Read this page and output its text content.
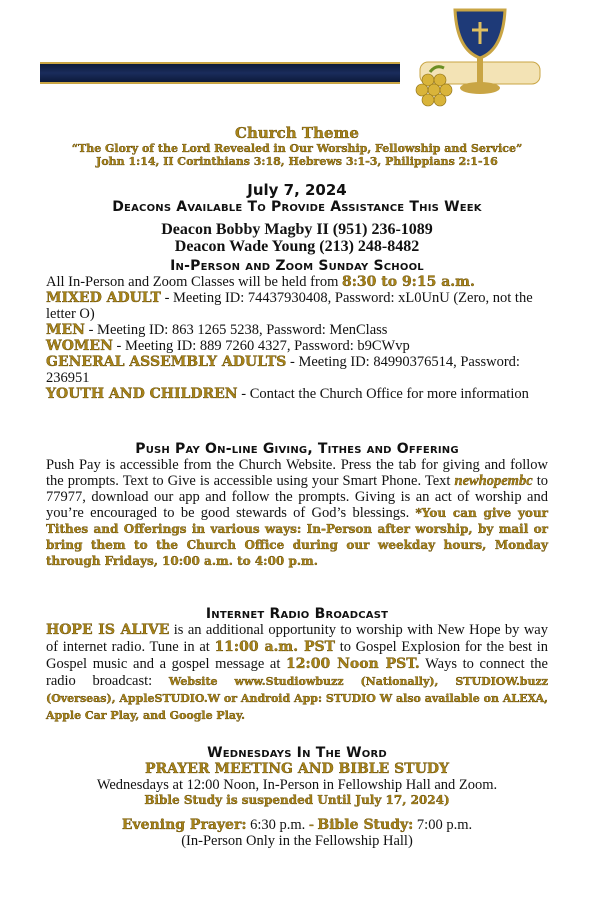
Church Theme
“The Glory of the Lord Revealed in Our Worship, Fellowship and Service”
John 1:14, II Corinthians 3:18, Hebrews 3:1-3, Philippians 2:1-16
July 7, 2024
Deacons Available To Provide Assistance This Week
Deacon Bobby Magby II (951) 236-1089
Deacon Wade Young (213) 248-8482
In-Person and Zoom Sunday School
All In-Person and Zoom Classes will be held from 8:30 to 9:15 a.m.
MIXED ADULT - Meeting ID: 74437930408, Password: xL0UnU (Zero, not the letter O)
MEN - Meeting ID: 863 1265 5238, Password: MenClass
WOMEN - Meeting ID: 889 7260 4327, Password: b9CWvp
GENERAL ASSEMBLY ADULTS - Meeting ID: 84990376514, Password: 236951
YOUTH AND CHILDREN - Contact the Church Office for more information
Push Pay On-line Giving, Tithes and Offering
Push Pay is accessible from the Church Website. Press the tab for giving and follow the prompts. Text to Give is accessible using your Smart Phone. Text newhopembc to 77977, download our app and follow the prompts. Giving is an act of worship and you’re encouraged to be good stewards of God’s blessings. *You can give your Tithes and Offerings in various ways: In-Person after worship, by mail or bring them to the Church Office during our weekday hours, Monday through Fridays, 10:00 a.m. to 4:00 p.m.
Internet Radio Broadcast
HOPE IS ALIVE is an additional opportunity to worship with New Hope by way of internet radio. Tune in at 11:00 a.m. PST to Gospel Explosion for the best in Gospel music and a gospel message at 12:00 Noon PST. Ways to connect the radio broadcast: Website www.Studiowbuzz (Nationally), STUDIOW.buzz (Overseas), AppleSTUDIO.W or Android App: STUDIO W also available on ALEXA, Apple Car Play, and Google Play.
Wednesdays In The Word
PRAYER MEETING AND BIBLE STUDY
Wednesdays at 12:00 Noon, In-Person in Fellowship Hall and Zoom.
Bible Study is suspended Until July 17, 2024)
Evening Prayer: 6:30 p.m. - Bible Study: 7:00 p.m.
(In-Person Only in the Fellowship Hall)
